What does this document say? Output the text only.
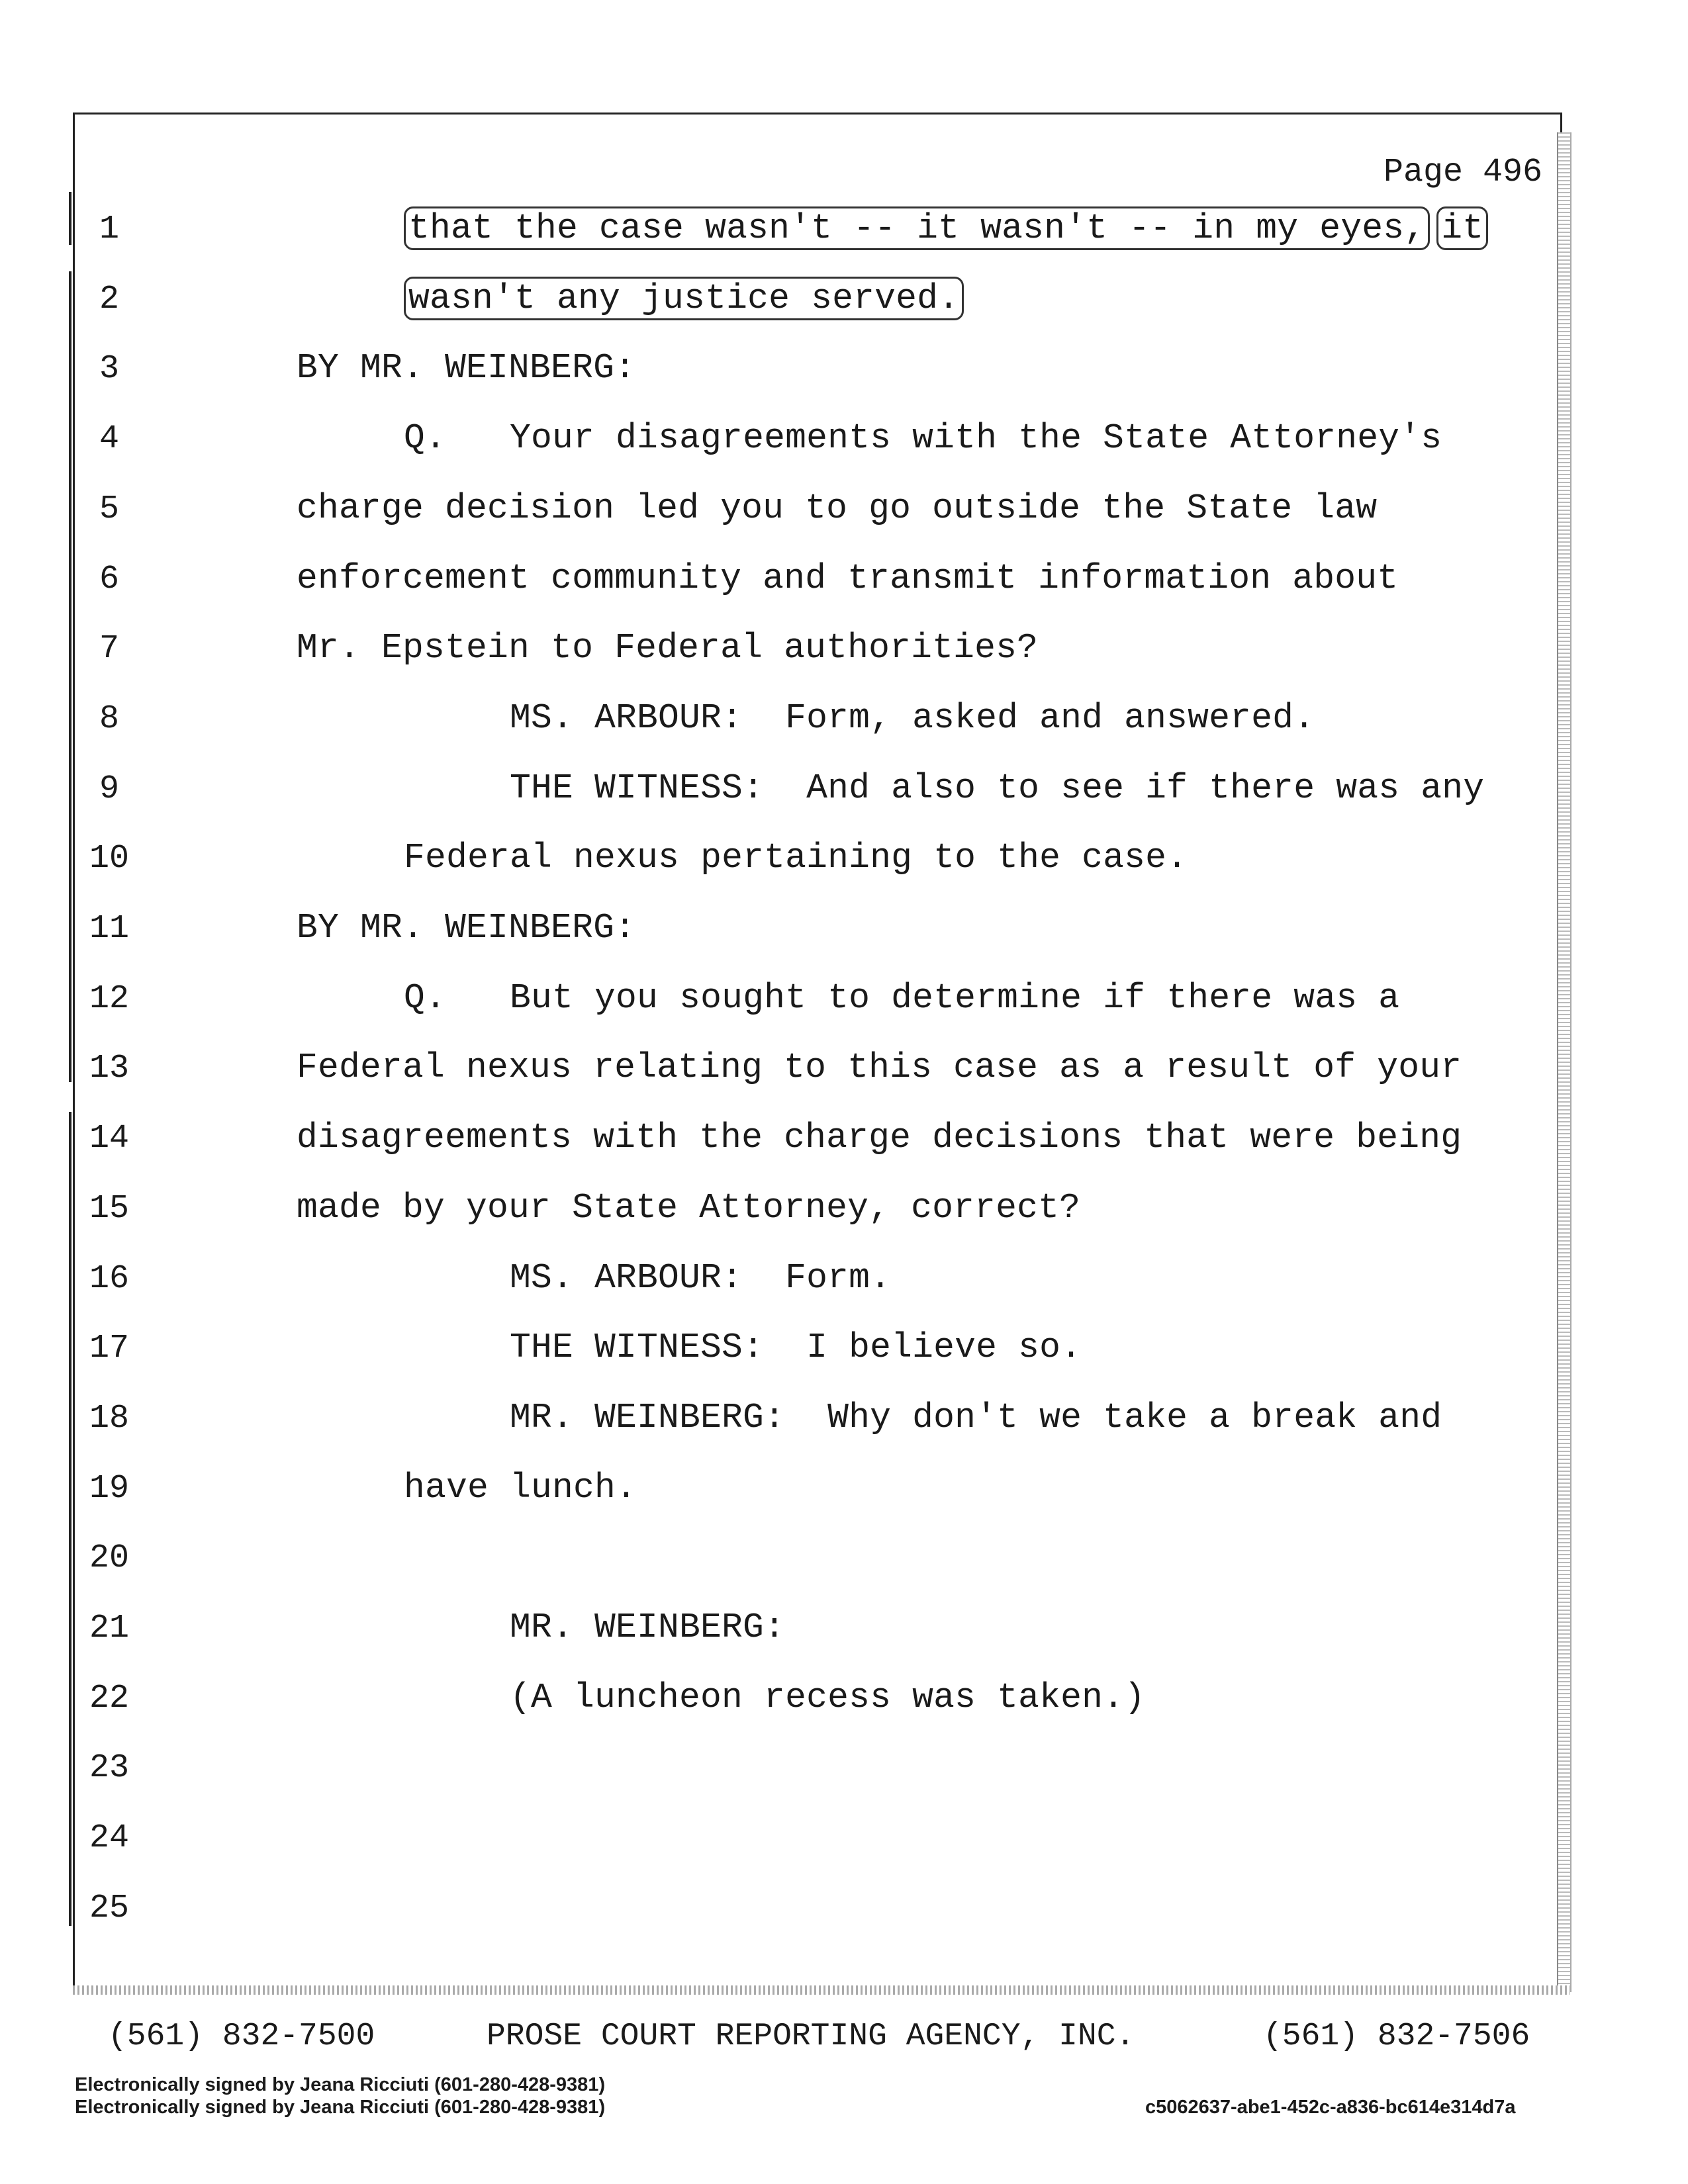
Page 496
1	that the case wasn't -- it wasn't -- in my eyes, it
2	wasn't any justice served.
3	BY MR. WEINBERG:
4	Q.   Your disagreements with the State Attorney's
5	charge decision led you to go outside the State law
6	enforcement community and transmit information about
7	Mr. Epstein to Federal authorities?
8	MS. ARBOUR:  Form, asked and answered.
9	THE WITNESS:  And also to see if there was any
10	Federal nexus pertaining to the case.
11	BY MR. WEINBERG:
12	Q.   But you sought to determine if there was a
13	Federal nexus relating to this case as a result of your
14	disagreements with the charge decisions that were being
15	made by your State Attorney, correct?
16	MS. ARBOUR:  Form.
17	THE WITNESS:  I believe so.
18	MR. WEINBERG:  Why don't we take a break and
19	have lunch.
20
21	MR. WEINBERG:
22	(A luncheon recess was taken.)
23
24
25
(561) 832-7500	PROSE COURT REPORTING AGENCY, INC.	(561) 832-7506
Electronically signed by Jeana Ricciuti (601-280-428-9381)
Electronically signed by Jeana Ricciuti (601-280-428-9381)	c5062637-abe1-452c-a836-bc614e314d7a
